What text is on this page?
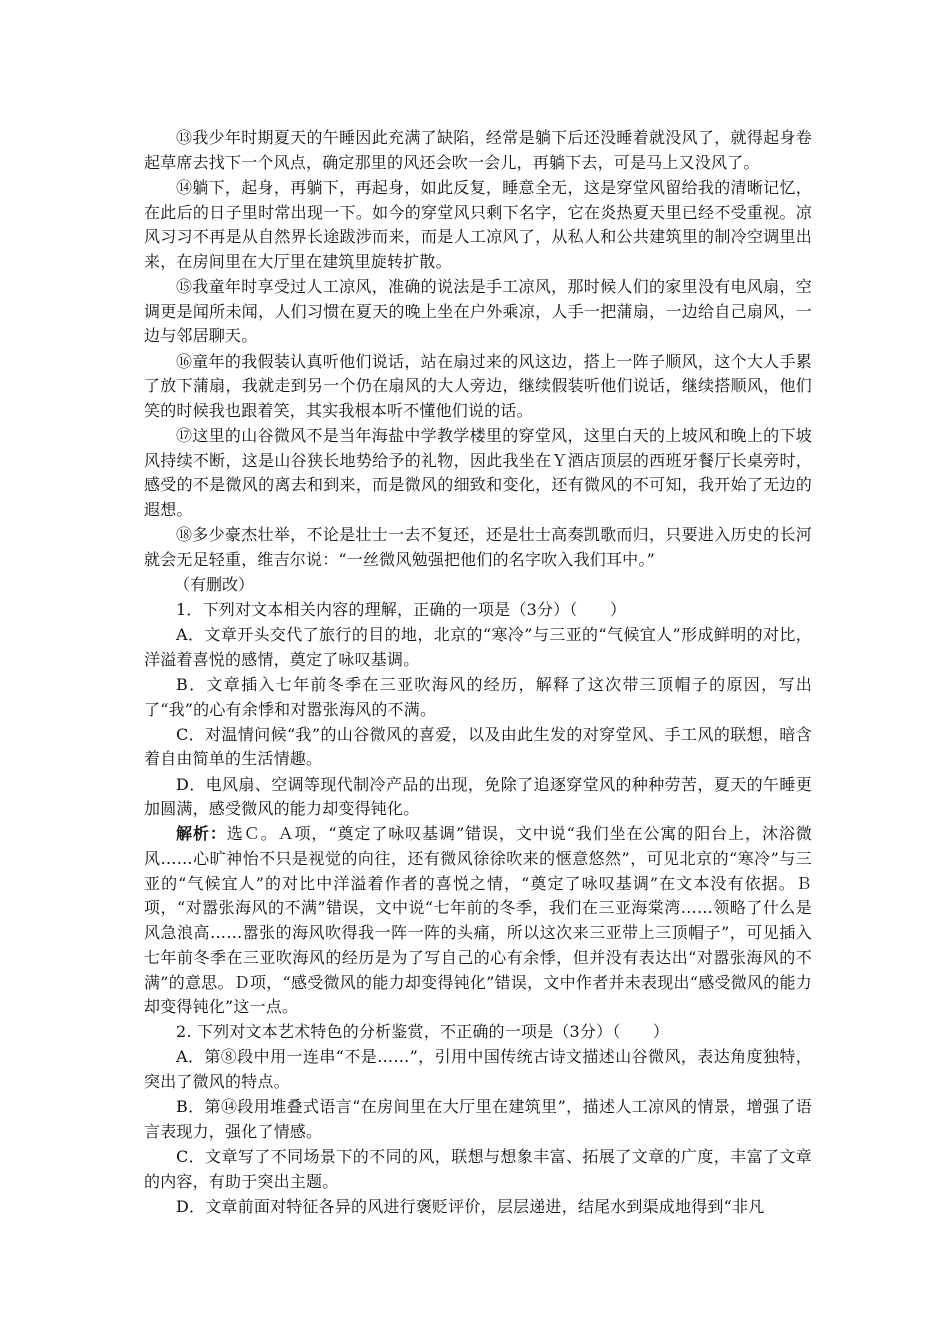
⑬我少年时期夏天的午睡因此充满了缺陷，经常是躺下后还没睡着就没风了，就得起身卷起草席去找下一个风点，确定那里的风还会吹一会儿，再躺下去，可是马上又没风了。

⑭躺下，起身，再躺下，再起身，如此反复，睡意全无，这是穿堂风留给我的清晰记忆，在此后的日子里时常出现一下。如今的穿堂风只剩下名字，它在炎热夏天里已经不受重视。凉风习习不再是从自然界长途跋涉而来，而是人工凉风了，从私人和公共建筑里的制冷空调里出来，在房间里在大厅里在建筑里旋转扩散。

⑮我童年时享受过人工凉风，准确的说法是手工凉风，那时候人们的家里没有电风扇，空调更是闻所未闻，人们习惯在夏天的晚上坐在户外乘凉，人手一把蒲扇，一边给自己扇风，一边与邻居聊天。

⑯童年的我假装认真听他们说话，站在扇过来的风这边，搭上一阵子顺风，这个大人手累了放下蒲扇，我就走到另一个仍在扇风的大人旁边，继续假装听他们说话，继续搭顺风，他们笑的时候我也跟着笑，其实我根本听不懂他们说的话。

⑰这里的山谷微风不是当年海盐中学教学楼里的穿堂风，这里白天的上坡风和晚上的下坡风持续不断，这是山谷狭长地势给予的礼物，因此我坐在Ｙ酒店顶层的西班牙餐厅长桌旁时，感受的不是微风的离去和到来，而是微风的细致和变化，还有微风的不可知，我开始了无边的遐想。

⑱多少豪杰壮举，不论是壮士一去不复还，还是壮士高奏凯歌而归，只要进入历史的长河就会无足轻重，维吉尔说：“一丝微风勉强把他们的名字吹入我们耳中。”

（有删改）

1．下列对文本相关内容的理解，正确的一项是（3分）（　　）

A．文章开头交代了旅行的目的地，北京的“寒冷”与三亚的“气候宜人”形成鲜明的对比，洋溢着喜悦的感情，奠定了咏叹基调。

B．文章插入七年前冬季在三亚吹海风的经历，解释了这次带三顶帽子的原因，写出了“我”的心有余悸和对嚣张海风的不满。

C．对温情问候“我”的山谷微风的喜爱，以及由此生发的对穿堂风、手工风的联想，暗含着自由简单的生活情趣。

D．电风扇、空调等现代制冷产品的出现，免除了追逐穿堂风的种种劳苦，夏天的午睡更加圆满，感受微风的能力却变得钝化。

解析：选Ｃ。Ａ项，“奠定了咏叹基调”错误，文中说“我们坐在公寓的阳台上，沐浴微风……心旷神怡不只是视觉的向往，还有微风徐徐吹来的惬意悠然”，可见北京的“寒冷”与三亚的“气候宜人”的对比中洋溢着作者的喜悦之情，“奠定了咏叹基调”在文本没有依据。Ｂ项，“对嚣张海风的不满”错误，文中说“七年前的冬季，我们在三亚海棠湾……领略了什么是风急浪高……嚣张的海风吹得我一阵一阵的头痛，所以这次来三亚带上三顶帽子”，可见插入七年前冬季在三亚吹海风的经历是为了写自己的心有余悸，但并没有表达出“对嚣张海风的不满”的意思。Ｄ项，“感受微风的能力却变得钝化”错误，文中作者并未表现出“感受微风的能力却变得钝化”这一点。

2. 下列对文本艺术特色的分析鉴赏，不正确的一项是（3分）（　　）

A．第⑧段中用一连串“不是……”，引用中国传统古诗文描述山谷微风，表达角度独特，突出了微风的特点。

B．第⑭段用堆叠式语言“在房间里在大厅里在建筑里”，描述人工凉风的情景，增强了语言表现力，强化了情感。

C．文章写了不同场景下的不同的风，联想与想象丰富、拓展了文章的广度，丰富了文章的内容，有助于突出主题。

D．文章前面对特征各异的风进行褒贬评价，层层递进，结尾水到渠成地得到“非凡
